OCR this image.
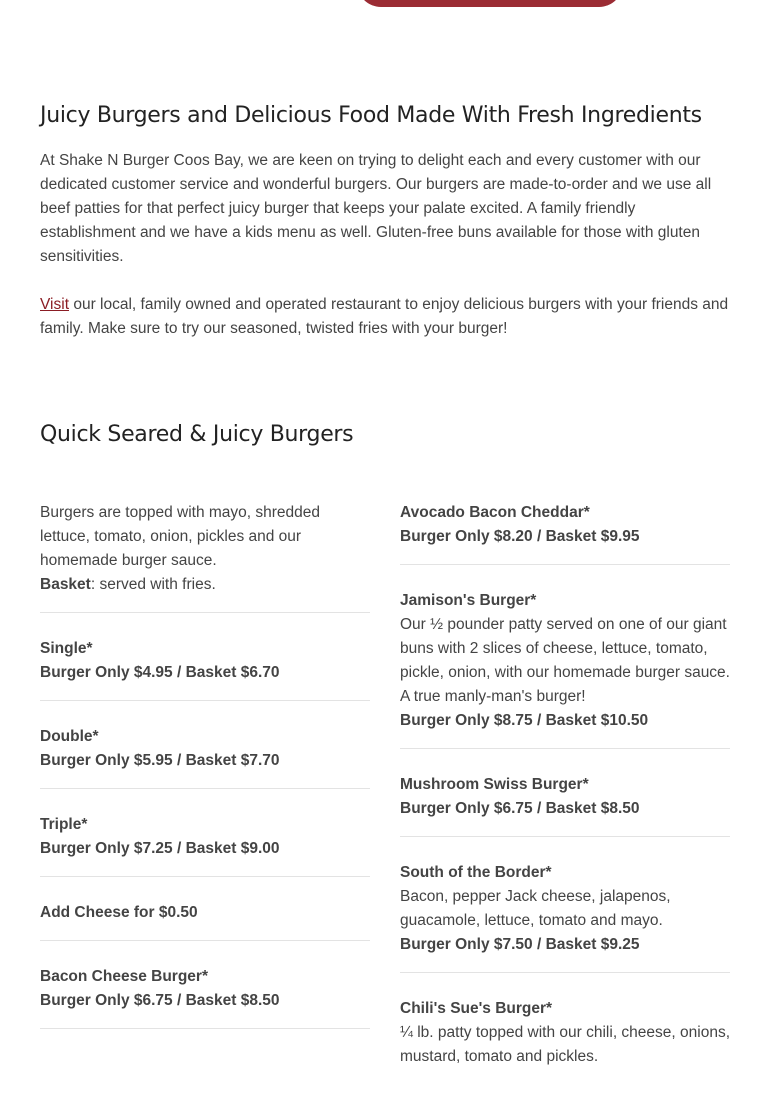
Juicy Burgers and Delicious Food Made With Fresh Ingredients

At Shake N Burger Coos Bay, we are keen on trying to delight each and every customer with our dedicated customer service and wonderful burgers. Our burgers are made-to-order and we use all beef patties for that perfect juicy burger that keeps your palate excited. A family friendly establishment and we have a kids menu as well. Gluten-free buns available for those with gluten sensitivities.

Visit our local, family owned and operated restaurant to enjoy delicious burgers with your friends and family. Make sure to try our seasoned, twisted fries with your burger!

Quick Seared & Juicy Burgers
Burgers are topped with mayo, shredded lettuce, tomato, onion, pickles and our homemade burger sauce.
Basket: served with fries.
Single*
Burger Only $4.95 / Basket $6.70
Double*
Burger Only $5.95 / Basket $7.70
Triple*
Burger Only $7.25 / Basket $9.00
Add Cheese for $0.50
Bacon Cheese Burger*
Burger Only $6.75 / Basket $8.50
Avocado Bacon Cheddar*
Burger Only $8.20 / Basket $9.95
Jamison's Burger*
Our ½ pounder patty served on one of our giant buns with 2 slices of cheese, lettuce, tomato, pickle, onion, with our homemade burger sauce. A true manly-man's burger!
Burger Only $8.75 / Basket $10.50
Mushroom Swiss Burger*
Burger Only $6.75 / Basket $8.50
South of the Border*
Bacon, pepper Jack cheese, jalapenos, guacamole, lettuce, tomato and mayo.
Burger Only $7.50 / Basket $9.25
Chili's Sue's Burger*
¼ lb. patty topped with our chili, cheese, onions, mustard, tomato and pickles.
